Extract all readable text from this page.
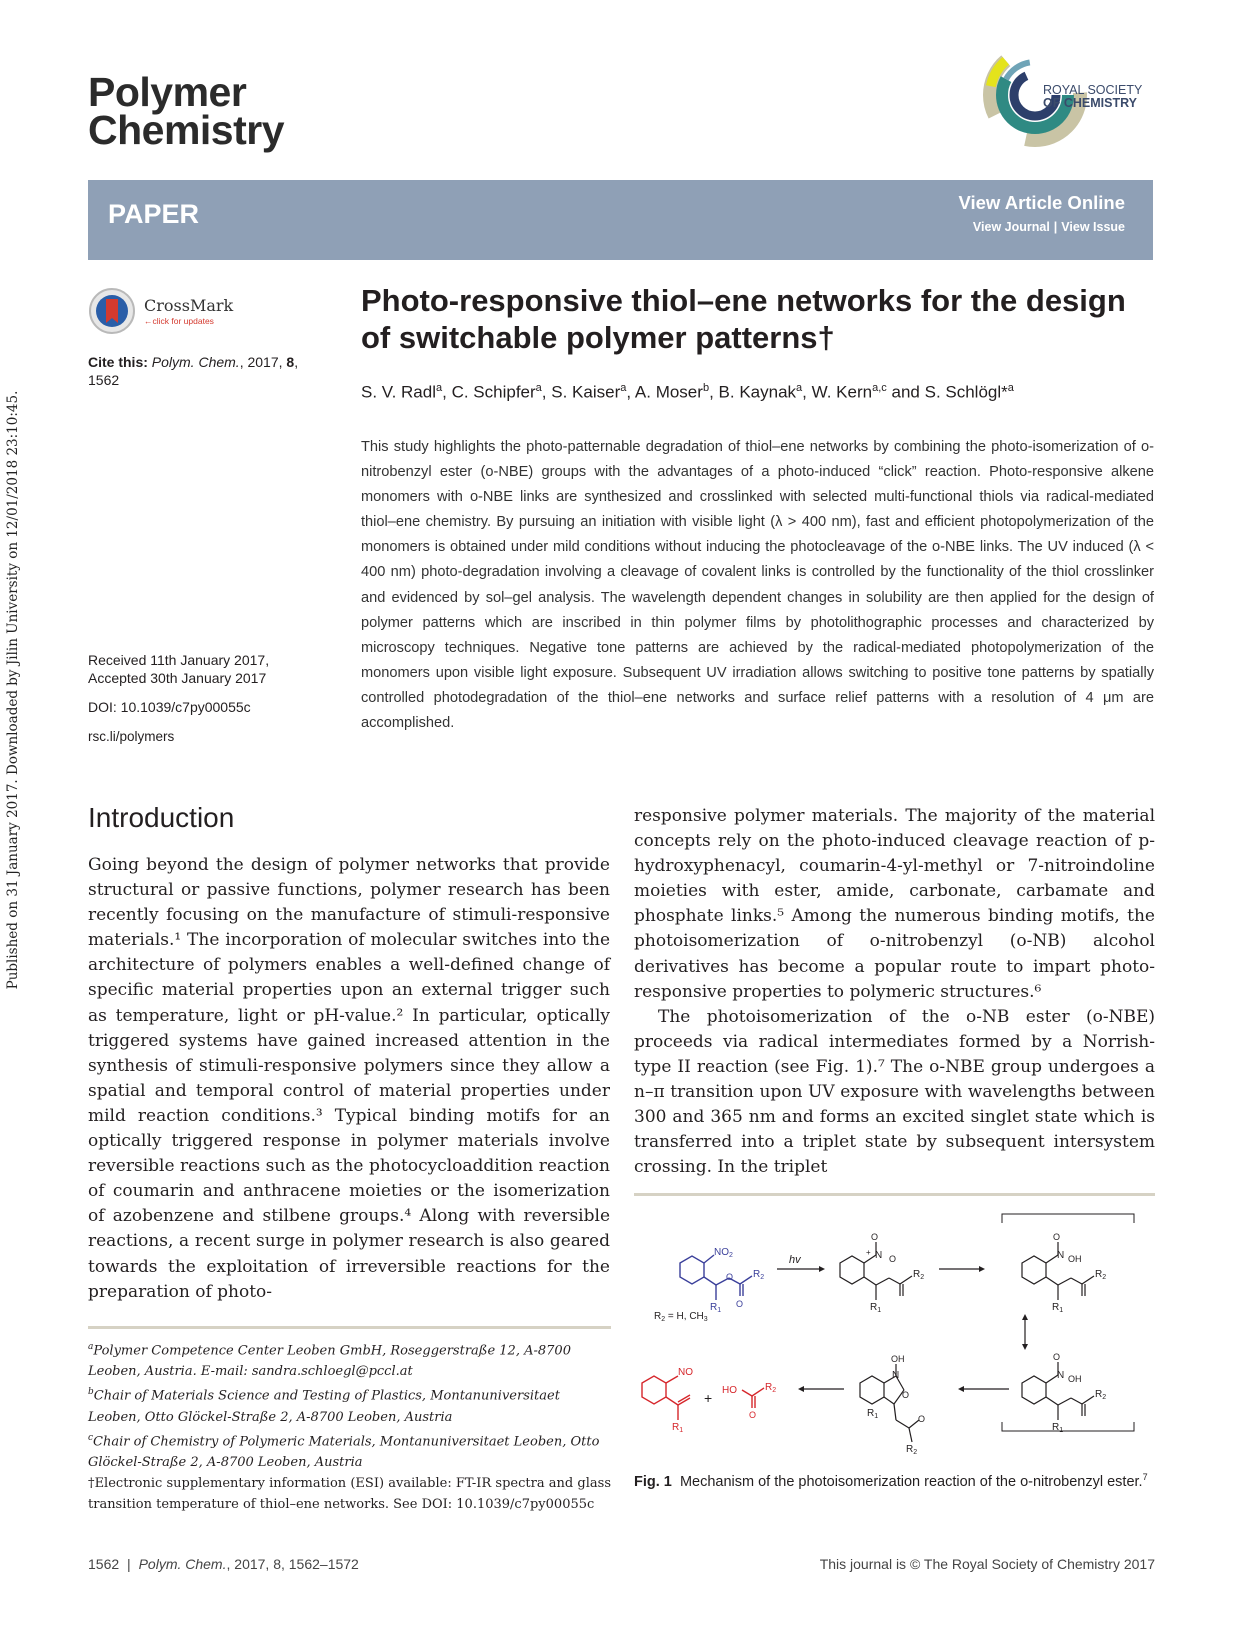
Published on 31 January 2017. Downloaded by Jilin University on 12/01/2018 23:10:45.
Polymer
Chemistry
ROYAL SOCIETY
OF CHEMISTRY
PAPER	View Article Online
View Journal | View Issue
CrossMark
←click for updates
Cite this: Polym. Chem., 2017, 8,
1562
Received 11th January 2017,
Accepted 30th January 2017
DOI: 10.1039/c7py00055c
rsc.li/polymers
Photo-responsive thiol–ene networks for the design of switchable polymer patterns†
S. V. Radl$^a$, C. Schipfer$^a$, S. Kaiser$^a$, A. Moser$^b$, B. Kaynak$^a$, W. Kern$^{a,c}$ and S. Schlögl*$^a$
This study highlights the photo-patternable degradation of thiol–ene networks by combining the photo-isomerization of o-nitrobenzyl ester (o-NBE) groups with the advantages of a photo-induced “click” reaction. Photo-responsive alkene monomers with o-NBE links are synthesized and crosslinked with selected multi-functional thiols via radical-mediated thiol–ene chemistry. By pursuing an initiation with visible light (λ > 400 nm), fast and efficient photopolymerization of the monomers is obtained under mild conditions without inducing the photocleavage of the o-NBE links. The UV induced (λ < 400 nm) photo-degradation involving a cleavage of covalent links is controlled by the functionality of the thiol crosslinker and evidenced by sol–gel analysis. The wavelength dependent changes in solubility are then applied for the design of polymer patterns which are inscribed in thin polymer films by photolithographic processes and characterized by microscopy techniques. Negative tone patterns are achieved by the radical-mediated photopolymerization of the monomers upon visible light exposure. Subsequent UV irradiation allows switching to positive tone patterns by spatially controlled photodegradation of the thiol–ene networks and surface relief patterns with a resolution of 4 μm are accomplished.
Introduction
Going beyond the design of polymer networks that provide structural or passive functions, polymer research has been recently focusing on the manufacture of stimuli-responsive materials.¹ The incorporation of molecular switches into the architecture of polymers enables a well-defined change of specific material properties upon an external trigger such as temperature, light or pH-value.² In particular, optically triggered systems have gained increased attention in the synthesis of stimuli-responsive polymers since they allow a spatial and temporal control of material properties under mild reaction conditions.³ Typical binding motifs for an optically triggered response in polymer materials involve reversible reactions such as the photocycloaddition reaction of coumarin and anthracene moieties or the isomerization of azobenzene and stilbene groups.⁴ Along with reversible reactions, a recent surge in polymer research is also geared towards the exploitation of irreversible reactions for the preparation of photo-
responsive polymer materials. The majority of the material concepts rely on the photo-induced cleavage reaction of p-hydroxyphenacyl, coumarin-4-yl-methyl or 7-nitroindoline moieties with ester, amide, carbonate, carbamate and phosphate links.⁵ Among the numerous binding motifs, the photoisomerization of o-nitrobenzyl (o-NB) alcohol derivatives has become a popular route to impart photo-responsive properties to polymeric structures.⁶
The photoisomerization of the o-NB ester (o-NBE) proceeds via radical intermediates formed by a Norrish-type II reaction (see Fig. 1).⁷ The o-NBE group undergoes a n–π transition upon UV exposure with wavelengths between 300 and 365 nm and forms an excited singlet state which is transferred into a triplet state by subsequent intersystem crossing. In the triplet
$^a$Polymer Competence Center Leoben GmbH, Roseggerstraße 12, A-8700 Leoben, Austria. E-mail: sandra.schloegl@pccl.at
$^b$Chair of Materials Science and Testing of Plastics, Montanuniversitaet Leoben, Otto Glöckel-Straße 2, A-8700 Leoben, Austria
$^c$Chair of Chemistry of Polymeric Materials, Montanuniversitaet Leoben, Otto Glöckel-Straße 2, A-8700 Leoben, Austria
†Electronic supplementary information (ESI) available: FT-IR spectra and glass transition temperature of thiol–ene networks. See DOI: 10.1039/c7py00055c
$NO_2$
O $R_2$
$R_1$
O
hv
O
N O
+
$R_2$
$R_1$
O
N OH
$R_2$
$R_1$
$R_2 = H$, $CH_3$
O
N OH
$R_2$
$R_1$
OH
N
O
$R_1$	O
$R_2$
NO
$R_1$
+ HO	$R_2$
O
Fig. 1 Mechanism of the photoisomerization reaction of the o-nitrobenzyl ester.$^7$
1562 | Polym. Chem., 2017, 8, 1562–1572	This journal is © The Royal Society of Chemistry 2017
